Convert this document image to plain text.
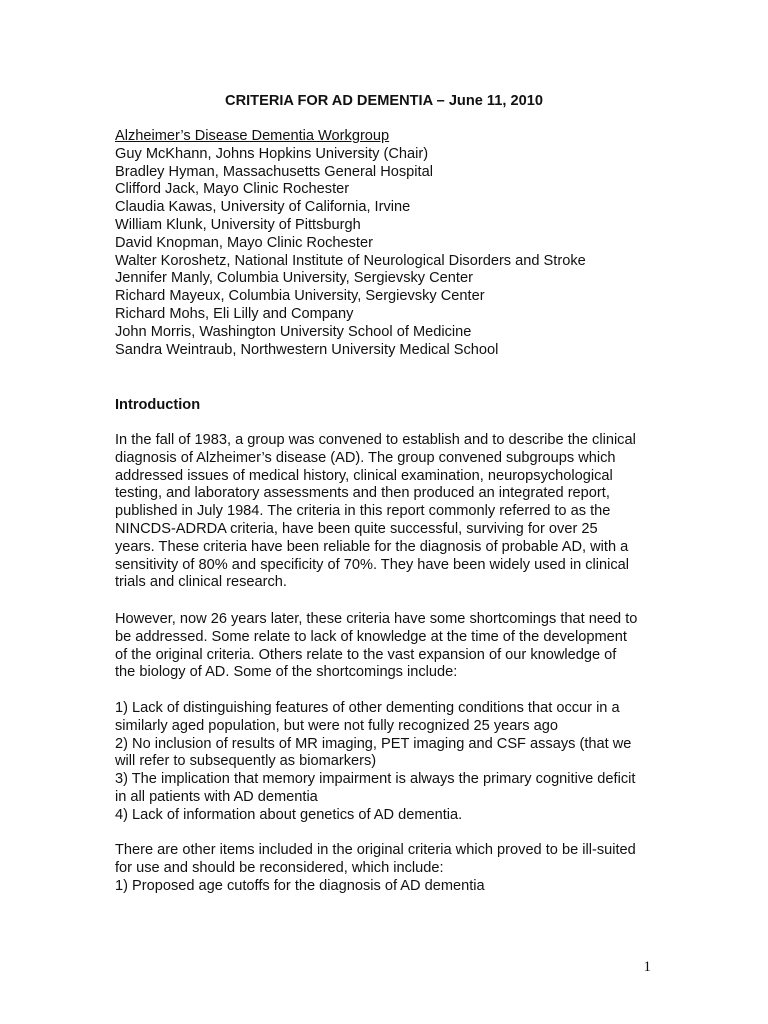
CRITERIA FOR AD DEMENTIA – June 11, 2010
Alzheimer’s Disease Dementia Workgroup
Guy McKhann, Johns Hopkins University (Chair)
Bradley Hyman, Massachusetts General Hospital
Clifford Jack, Mayo Clinic Rochester
Claudia Kawas, University of California, Irvine
William Klunk, University of Pittsburgh
David Knopman, Mayo Clinic Rochester
Walter Koroshetz, National Institute of Neurological Disorders and Stroke
Jennifer Manly, Columbia University, Sergievsky Center
Richard Mayeux, Columbia University, Sergievsky Center
Richard Mohs, Eli Lilly and Company
John Morris, Washington University School of Medicine
Sandra Weintraub, Northwestern University Medical School
Introduction
In the fall of 1983, a group was convened to establish and to describe the clinical
diagnosis of Alzheimer’s disease (AD). The group convened subgroups which
addressed issues of medical history, clinical examination, neuropsychological
testing, and laboratory assessments and then produced an integrated report,
published in July 1984. The criteria in this report commonly referred to as the
NINCDS-ADRDA criteria, have been quite successful, surviving for over 25
years. These criteria have been reliable for the diagnosis of probable AD, with a
sensitivity of 80% and specificity of 70%. They have been widely used in clinical
trials and clinical research.
However, now 26 years later, these criteria have some shortcomings that need to
be addressed. Some relate to lack of knowledge at the time of the development
of the original criteria. Others relate to the vast expansion of our knowledge of
the biology of AD. Some of the shortcomings include:
1) Lack of distinguishing features of other dementing conditions that occur in a
similarly aged population, but were not fully recognized 25 years ago
2) No inclusion of results of MR imaging, PET imaging and CSF assays (that we
will refer to subsequently as biomarkers)
3) The implication that memory impairment is always the primary cognitive deficit
in all patients with AD dementia
4) Lack of information about genetics of AD dementia.
There are other items included in the original criteria which proved to be ill-suited
for use and should be reconsidered, which include:
1) Proposed age cutoffs for the diagnosis of AD dementia
1
